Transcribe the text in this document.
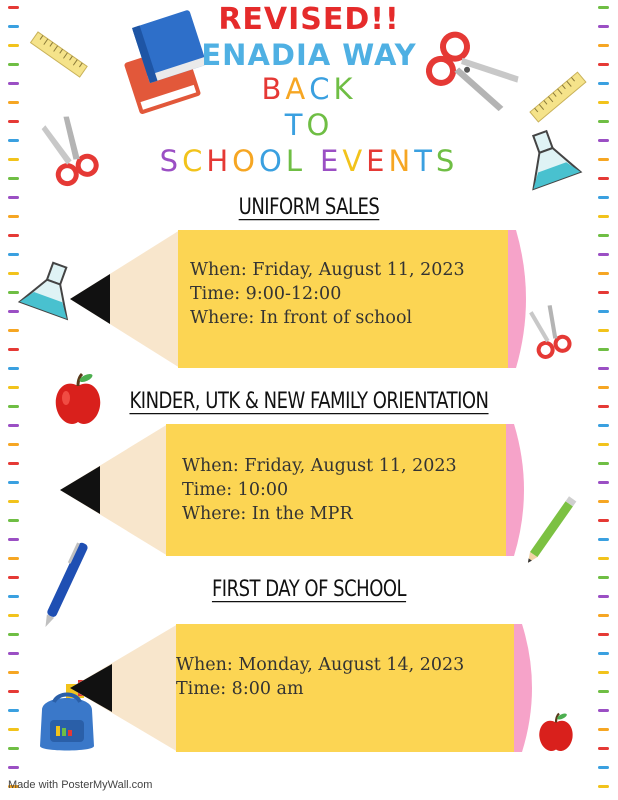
REVISED!!
ENADIA WAY
BACK
TO
SCHOOL EVENTS
UNIFORM SALES
When: Friday, August 11, 2023
Time: 9:00-12:00
Where: In front of school
KINDER, UTK & NEW FAMILY ORIENTATION
When: Friday, August 11, 2023
Time: 10:00
Where: In the MPR
FIRST DAY OF SCHOOL
When: Monday, August 14, 2023
Time: 8:00 am
Made with PosterMyWall.com
